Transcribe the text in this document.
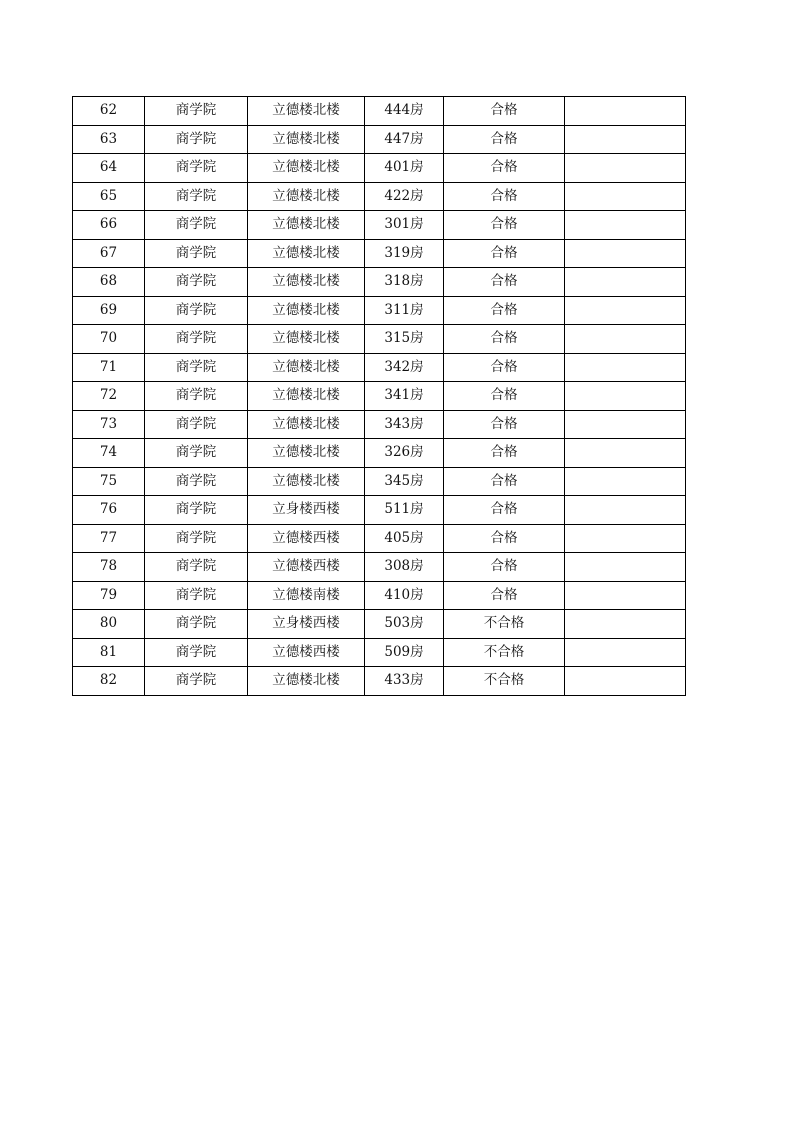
62	商学院	立德楼北楼	444房	合格	
63	商学院	立德楼北楼	447房	合格	
64	商学院	立德楼北楼	401房	合格	
65	商学院	立德楼北楼	422房	合格	
66	商学院	立德楼北楼	301房	合格	
67	商学院	立德楼北楼	319房	合格	
68	商学院	立德楼北楼	318房	合格	
69	商学院	立德楼北楼	311房	合格	
70	商学院	立德楼北楼	315房	合格	
71	商学院	立德楼北楼	342房	合格	
72	商学院	立德楼北楼	341房	合格	
73	商学院	立德楼北楼	343房	合格	
74	商学院	立德楼北楼	326房	合格	
75	商学院	立德楼北楼	345房	合格	
76	商学院	立身楼西楼	511房	合格	
77	商学院	立德楼西楼	405房	合格	
78	商学院	立德楼西楼	308房	合格	
79	商学院	立德楼南楼	410房	合格	
80	商学院	立身楼西楼	503房	不合格	
81	商学院	立德楼西楼	509房	不合格	
82	商学院	立德楼北楼	433房	不合格	
